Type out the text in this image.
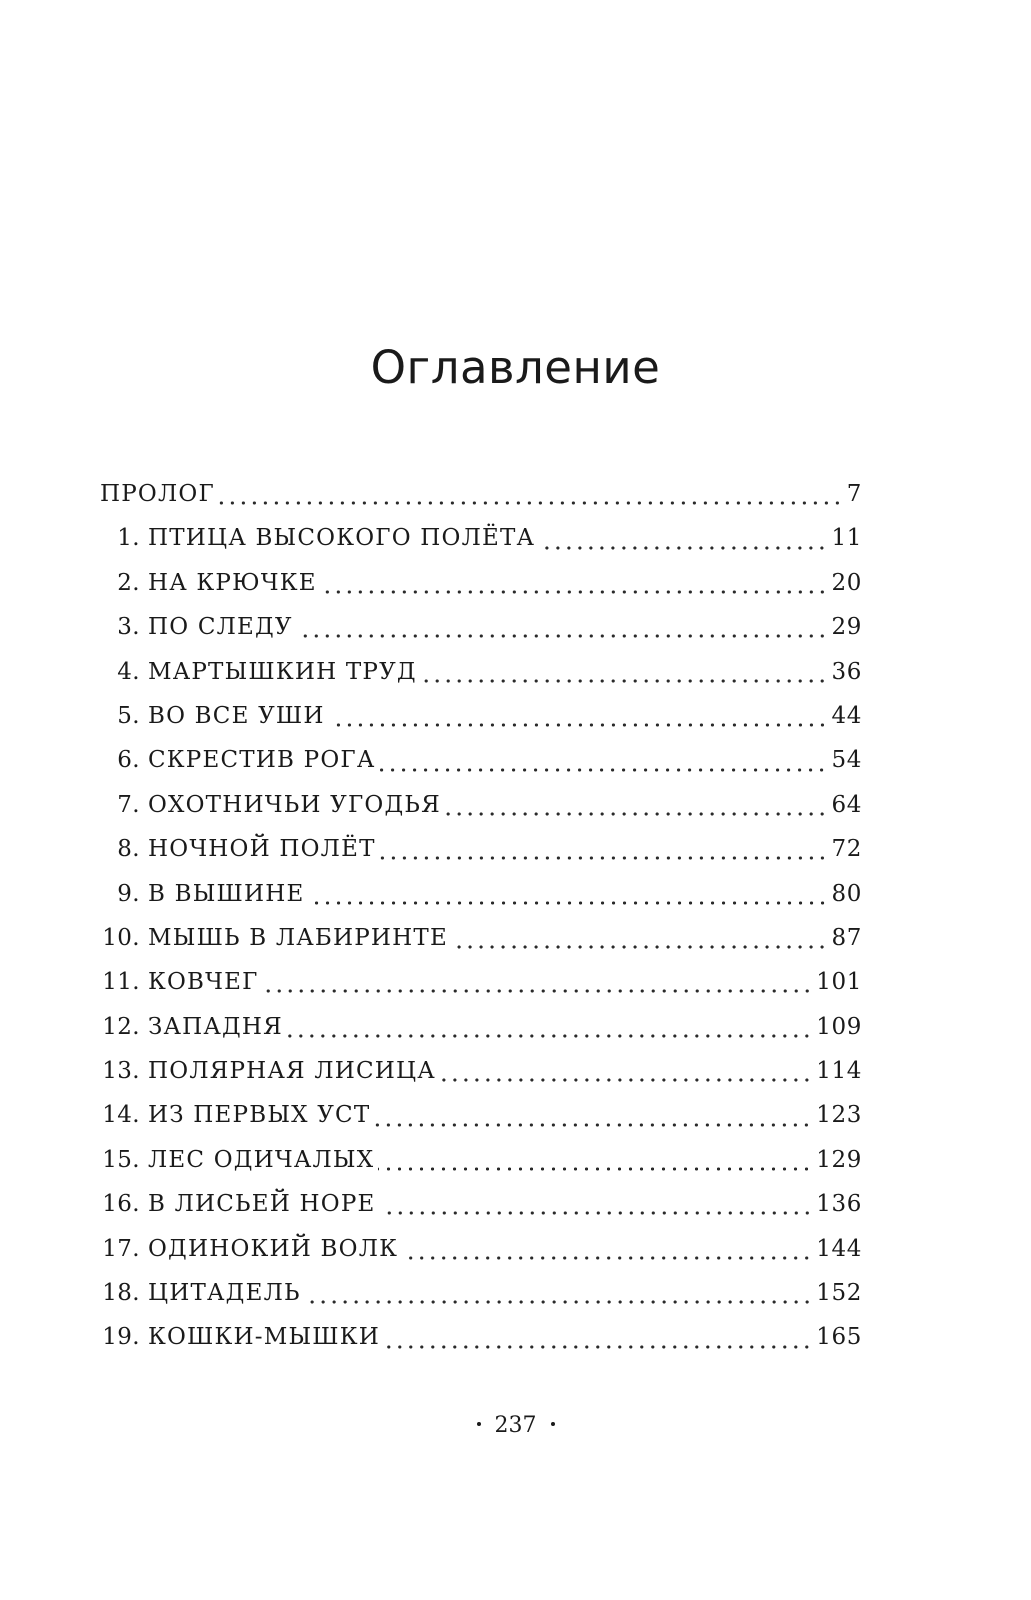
Оглавление
ПРОЛОГ	7
1. ПТИЦА ВЫСОКОГО ПОЛЁТА	11
2. НА КРЮЧКЕ	20
3. ПО СЛЕДУ	29
4. МАРТЫШКИН ТРУД	36
5. ВО ВСЕ УШИ	44
6. СКРЕСТИВ РОГА	54
7. ОХОТНИЧЬИ УГОДЬЯ	64
8. НОЧНОЙ ПОЛЁТ	72
9. В ВЫШИНЕ	80
10. МЫШЬ В ЛАБИРИНТЕ	87
11. КОВЧЕГ	101
12. ЗАПАДНЯ	109
13. ПОЛЯРНАЯ ЛИСИЦА	114
14. ИЗ ПЕРВЫХ УСТ	123
15. ЛЕС ОДИЧАЛЫХ	129
16. В ЛИСЬЕЙ НОРЕ	136
17. ОДИНОКИЙ ВОЛК	144
18. ЦИТАДЕЛЬ	152
19. КОШКИ-МЫШКИ	165
237
